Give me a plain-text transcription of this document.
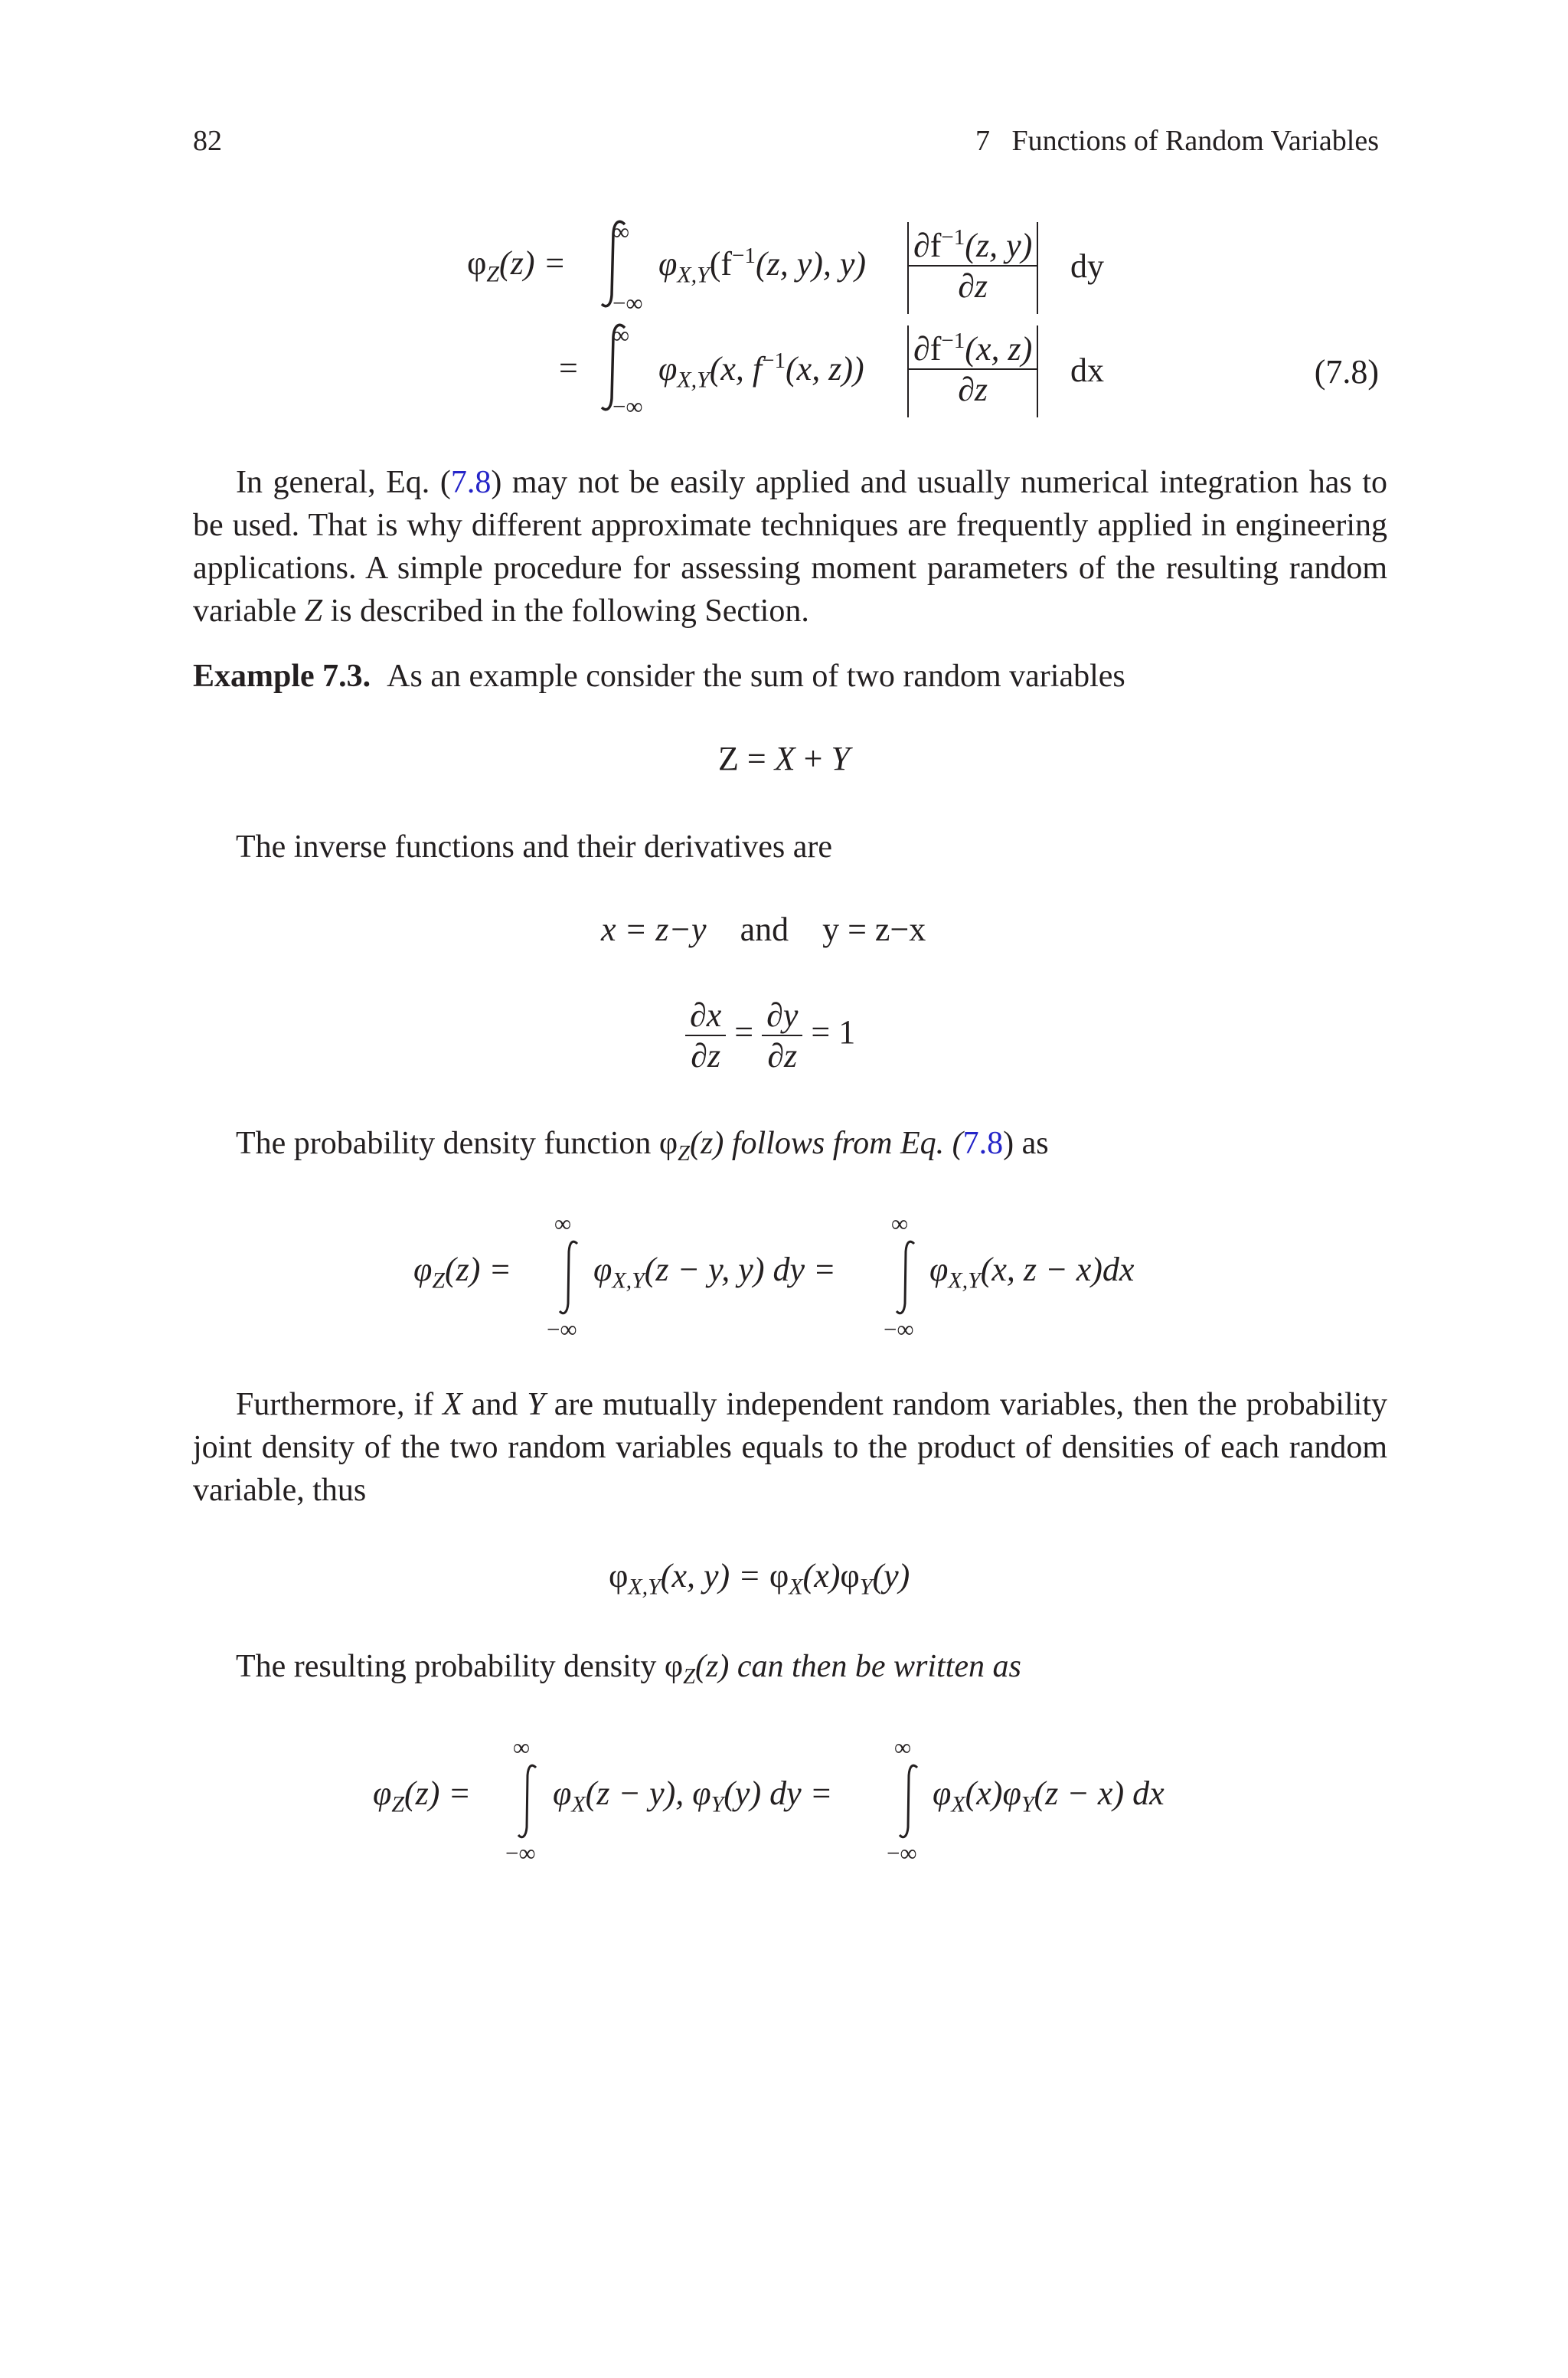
82	7 Functions of Random Variables
$\varphi_Z(z)$ =
∞
−∞
$\varphi_{X,Y}(f^{-1}(z$, y), $y) \frac{\partial f^{-1}(z, y)}{\partial z}$ dy
=
∞
−∞
$\varphi_{X,Y}(x$, $f^{-1}(x$, $z)) \frac{\partial f^{-1}(x, z)}{\partial z}$ dx	(7.8)
In general, Eq. (7.8) may not be easily applied and usually numerical integration has to be used. That is why different approximate techniques are frequently applied in engineering applications. A simple procedure for assessing moment parameters of the resulting random variable Z is described in the following Section.
Example 7.3. As an example consider the sum of two random variables
Z = X + Y
The inverse functions and their derivatives are
x = z−y and y = z−x
$\frac{\partial x}{\partial z} = \frac{\partial y}{\partial z} = 1$
The probability density function $\varphi_Z(z)$ follows from Eq. (7.8) as
$\varphi_Z(z)$ =
∞
−∞
$\varphi_{X,Y}(z - y$, y) dy =
∞
−∞
$\varphi_{X,Y}(x$, z − x)dx
Furthermore, if X and Y are mutually independent random variables, then the probability joint density of the two random variables equals to the product of densities of each random variable, thus
$\varphi_{X,Y}(x$, $y) = \varphi_X(x)\varphi_Y(y)$
The resulting probability density $\varphi_Z(z)$ can then be written as
$\varphi_Z(z)$ =
∞
−∞
$\varphi_X(z - y)$, $\varphi_Y(y)$ dy =
∞
−∞
$\varphi_X(x)\varphi_Y(z - x)$ dx
